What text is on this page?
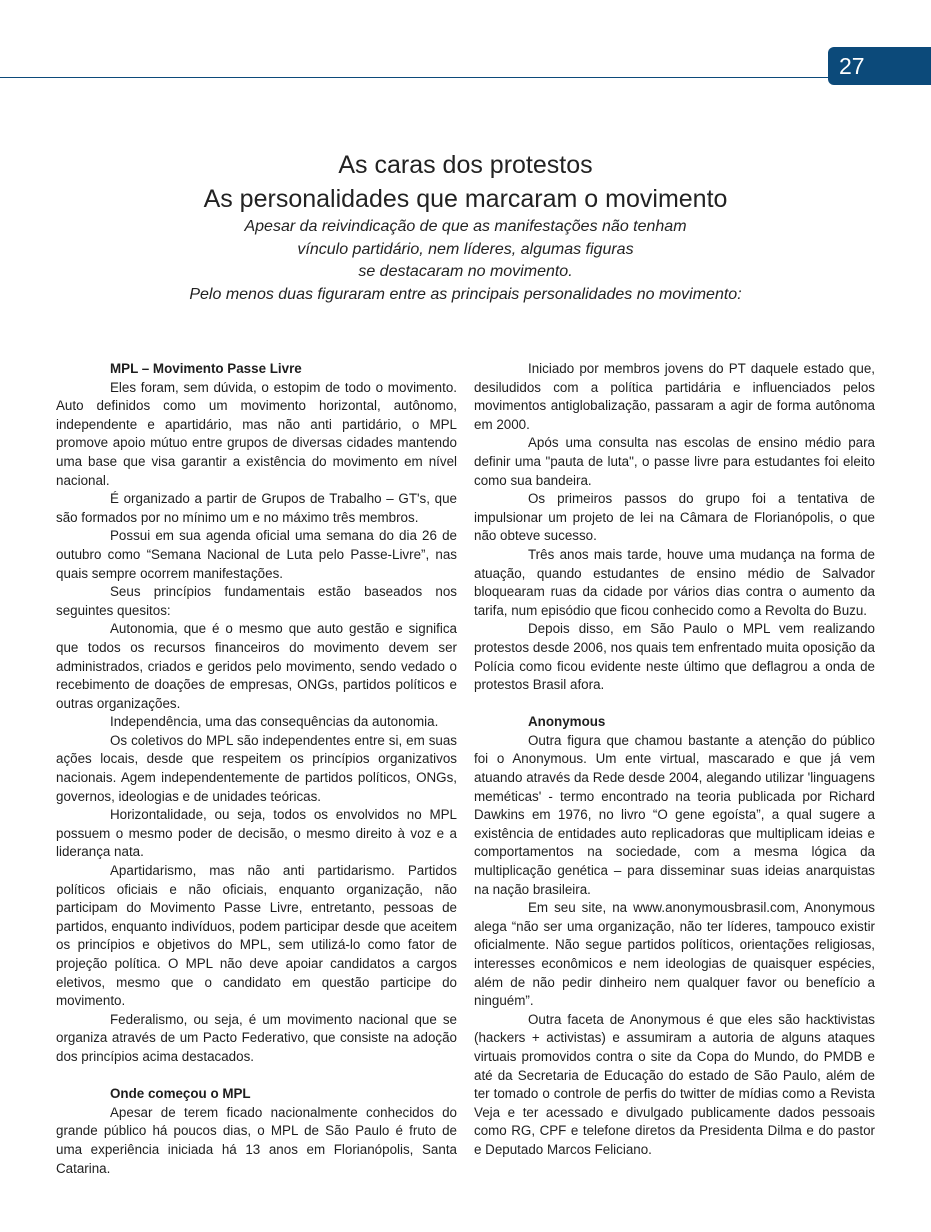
27
As caras dos protestos
As personalidades que marcaram o movimento
Apesar da reivindicação de que as manifestações não tenham
vínculo partidário, nem líderes, algumas figuras
se destacaram no movimento.
Pelo menos duas figuraram entre as principais personalidades no movimento:

MPL – Movimento Passe Livre

Eles foram, sem dúvida, o estopim de todo o movimento. Auto definidos como um movimento horizontal, autônomo, independente e apartidário, mas não anti partidário, o MPL promove apoio mútuo entre grupos de diversas cidades mantendo uma base que visa garantir a existência do movimento em nível nacional.

É organizado a partir de Grupos de Trabalho – GT's, que são formados por no mínimo um e no máximo três membros.

Possui em sua agenda oficial uma semana do dia 26 de outubro como “Semana Nacional de Luta pelo Passe-Livre”, nas quais sempre ocorrem manifestações.

Seus princípios fundamentais estão baseados nos seguintes quesitos:

Autonomia, que é o mesmo que auto gestão e significa que todos os recursos financeiros do movimento devem ser administrados, criados e geridos pelo movimento, sendo vedado o recebimento de doações de empresas, ONGs, partidos políticos e outras organizações.

Independência, uma das consequências da autonomia.

Os coletivos do MPL são independentes entre si, em suas ações locais, desde que respeitem os princípios organizativos nacionais. Agem independentemente de partidos políticos, ONGs, governos, ideologias e de unidades teóricas.

Horizontalidade, ou seja, todos os envolvidos no MPL possuem o mesmo poder de decisão, o mesmo direito à voz e a liderança nata.

Apartidarismo, mas não anti partidarismo. Partidos políticos oficiais e não oficiais, enquanto organização, não participam do Movimento Passe Livre, entretanto, pessoas de partidos, enquanto indivíduos, podem participar desde que aceitem os princípios e objetivos do MPL, sem utilizá-lo como fator de projeção política. O MPL não deve apoiar candidatos a cargos eletivos, mesmo que o candidato em questão participe do movimento.

Federalismo, ou seja, é um movimento nacional que se organiza através de um Pacto Federativo, que consiste na adoção dos princípios acima destacados.

Onde começou o MPL

Apesar de terem ficado nacionalmente conhecidos do grande público há poucos dias, o MPL de São Paulo é fruto de uma experiência iniciada há 13 anos em Florianópolis, Santa Catarina.

Iniciado por membros jovens do PT daquele estado que, desiludidos com a política partidária e influenciados pelos movimentos antiglobalização, passaram a agir de forma autônoma em 2000.

Após uma consulta nas escolas de ensino médio para definir uma "pauta de luta", o passe livre para estudantes foi eleito como sua bandeira.

Os primeiros passos do grupo foi a tentativa de impulsionar um projeto de lei na Câmara de Florianópolis, o que não obteve sucesso.

Três anos mais tarde, houve uma mudança na forma de atuação, quando estudantes de ensino médio de Salvador bloquearam ruas da cidade por vários dias contra o aumento da tarifa, num episódio que ficou conhecido como a Revolta do Buzu.

Depois disso, em São Paulo o MPL vem realizando protestos desde 2006, nos quais tem enfrentado muita oposição da Polícia como ficou evidente neste último que deflagrou a onda de protestos Brasil afora.

Anonymous

Outra figura que chamou bastante a atenção do público foi o Anonymous. Um ente virtual, mascarado e que já vem atuando através da Rede desde 2004, alegando utilizar 'linguagens meméticas' - termo encontrado na teoria publicada por Richard Dawkins em 1976, no livro “O gene egoísta”, a qual sugere a existência de entidades auto replicadoras que multiplicam ideias e comportamentos na sociedade, com a mesma lógica da multiplicação genética – para disseminar suas ideias anarquistas na nação brasileira.

Em seu site, na www.anonymousbrasil.com, Anonymous alega “não ser uma organização, não ter líderes, tampouco existir oficialmente. Não segue partidos políticos, orientações religiosas, interesses econômicos e nem ideologias de quaisquer espécies, além de não pedir dinheiro nem qualquer favor ou benefício a ninguém”.

Outra faceta de Anonymous é que eles são hacktivistas (hackers + activistas) e assumiram a autoria de alguns ataques virtuais promovidos contra o site da Copa do Mundo, do PMDB e até da Secretaria de Educação do estado de São Paulo, além de ter tomado o controle de perfis do twitter de mídias como a Revista Veja e ter acessado e divulgado publicamente dados pessoais como RG, CPF e telefone diretos da Presidenta Dilma e do pastor e Deputado Marcos Feliciano.
